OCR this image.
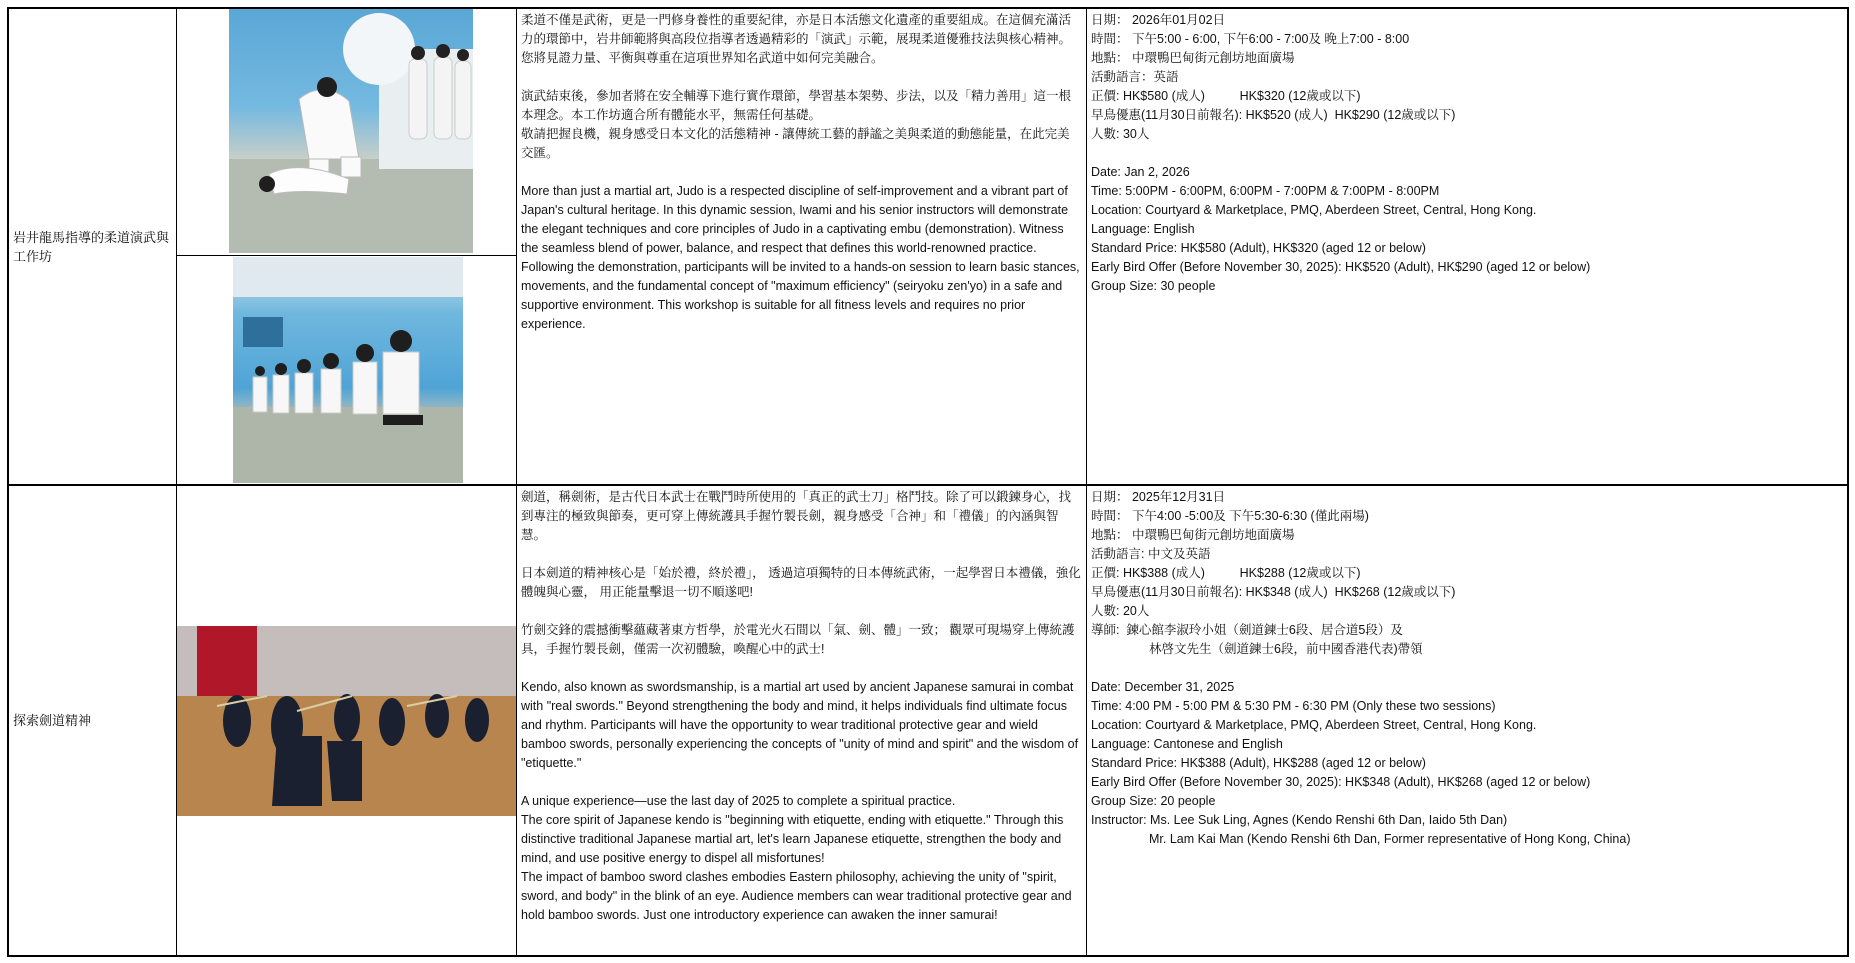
岩井龍馬指導的柔道演武與工作坊

柔道不僅是武術，更是一門修身養性的重要紀律，亦是日本活態文化遺產的重要組成。在這個充滿活力的環節中，岩井師範將與高段位指導者透過精彩的「演武」示範，展現柔道優雅技法與核心精神。您將見證力量、平衡與尊重在這項世界知名武道中如何完美融合。

演武結束後，參加者將在安全輔導下進行實作環節，學習基本架勢、步法，以及「精力善用」這一根本理念。本工作坊適合所有體能水平，無需任何基礎。
敬請把握良機，親身感受日本文化的活態精神 - 讓傳統工藝的靜謐之美與柔道的動態能量，在此完美交匯。

More than just a martial art, Judo is a respected discipline of self-improvement and a vibrant part of Japan's cultural heritage. In this dynamic session, Iwami and his senior instructors will demonstrate the elegant techniques and core principles of Judo in a captivating embu (demonstration). Witness the seamless blend of power, balance, and respect that defines this world-renowned practice.
Following the demonstration, participants will be invited to a hands-on session to learn basic stances, movements, and the fundamental concept of "maximum efficiency" (seiryoku zen'yo) in a safe and supportive environment. This workshop is suitable for all fitness levels and requires no prior experience.

日期： 2026年01月02日

時間： 下午5:00 - 6:00, 下午6:00 - 7:00及 晚上7:00 - 8:00

地點： 中環鴨巴甸街元創坊地面廣場

活動語言：英語

正價: HK$580 (成人)          HK$320 (12歲或以下)

早鳥優惠(11月30日前報名): HK$520 (成人)  HK$290 (12歲或以下)

人數: 30人

Date: Jan 2, 2026

Time: 5:00PM - 6:00PM, 6:00PM - 7:00PM & 7:00PM - 8:00PM

Location: Courtyard & Marketplace, PMQ, Aberdeen Street, Central, Hong Kong.

Language: English

Standard Price: HK$580 (Adult), HK$320 (aged 12 or below)

Early Bird Offer (Before November 30, 2025): HK$520 (Adult), HK$290 (aged 12 or below)

Group Size: 30 people

探索劍道精神

劍道，稱劍術，是古代日本武士在戰鬥時所使用的「真正的武士刀」格鬥技。除了可以鍛鍊身心，找到專注的極致與節奏，更可穿上傳統護具手握竹製長劍，親身感受「合神」和「禮儀」的內涵與智慧。

日本劍道的精神核心是「始於禮，終於禮」， 透過這項獨特的日本傳統武術，一起學習日本禮儀，強化體魄與心靈， 用正能量擊退一切不順遂吧!

竹劍交鋒的震撼衝擊蘊藏著東方哲學，於電光火石間以「氣、劍、體」一致； 觀眾可現場穿上傳統護具，手握竹製長劍，僅需一次初體驗，喚醒心中的武士!

Kendo, also known as swordsmanship, is a martial art used by ancient Japanese samurai in combat with "real swords." Beyond strengthening the body and mind, it helps individuals find ultimate focus and rhythm. Participants will have the opportunity to wear traditional protective gear and wield bamboo swords, personally experiencing the concepts of "unity of mind and spirit" and the wisdom of "etiquette."

A unique experience—use the last day of 2025 to complete a spiritual practice.
The core spirit of Japanese kendo is "beginning with etiquette, ending with etiquette." Through this distinctive traditional Japanese martial art, let's learn Japanese etiquette, strengthen the body and mind, and use positive energy to dispel all misfortunes!
The impact of bamboo sword clashes embodies Eastern philosophy, achieving the unity of "spirit, sword, and body" in the blink of an eye. Audience members can wear traditional protective gear and hold bamboo swords. Just one introductory experience can awaken the inner samurai!

日期： 2025年12月31日

時間： 下午4:00 -5:00及 下午5:30-6:30 (僅此兩場)

地點： 中環鴨巴甸街元創坊地面廣場

活動語言: 中文及英語

正價: HK$388 (成人)          HK$288 (12歲或以下)

早鳥優惠(11月30日前報名): HK$348 (成人)  HK$268 (12歲或以下)

人數: 20人

導師:  鍊心館李淑玲小姐（劍道鍊士6段、居合道5段）及

林啓文先生（劍道鍊士6段，前中國香港代表)帶領

Date: December 31, 2025

Time: 4:00 PM - 5:00 PM & 5:30 PM - 6:30 PM (Only these two sessions)

Location: Courtyard & Marketplace, PMQ, Aberdeen Street, Central, Hong Kong.

Language: Cantonese and English

Standard Price: HK$388 (Adult), HK$288 (aged 12 or below)

Early Bird Offer (Before November 30, 2025): HK$348 (Adult), HK$268 (aged 12 or below)

Group Size: 20 people

Instructor: Ms. Lee Suk Ling, Agnes (Kendo Renshi 6th Dan, Iaido 5th Dan)

Mr. Lam Kai Man (Kendo Renshi 6th Dan, Former representative of Hong Kong, China)
